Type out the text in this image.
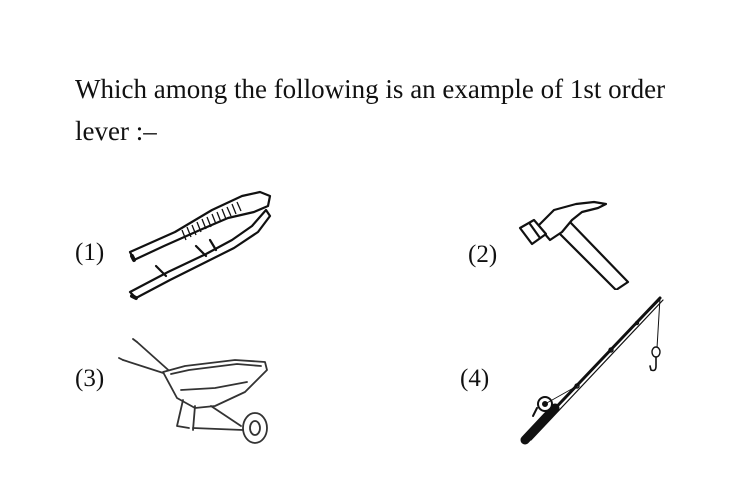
Which among the following is an example of 1st order lever :–
(1)	(2)
(3)	(4)
